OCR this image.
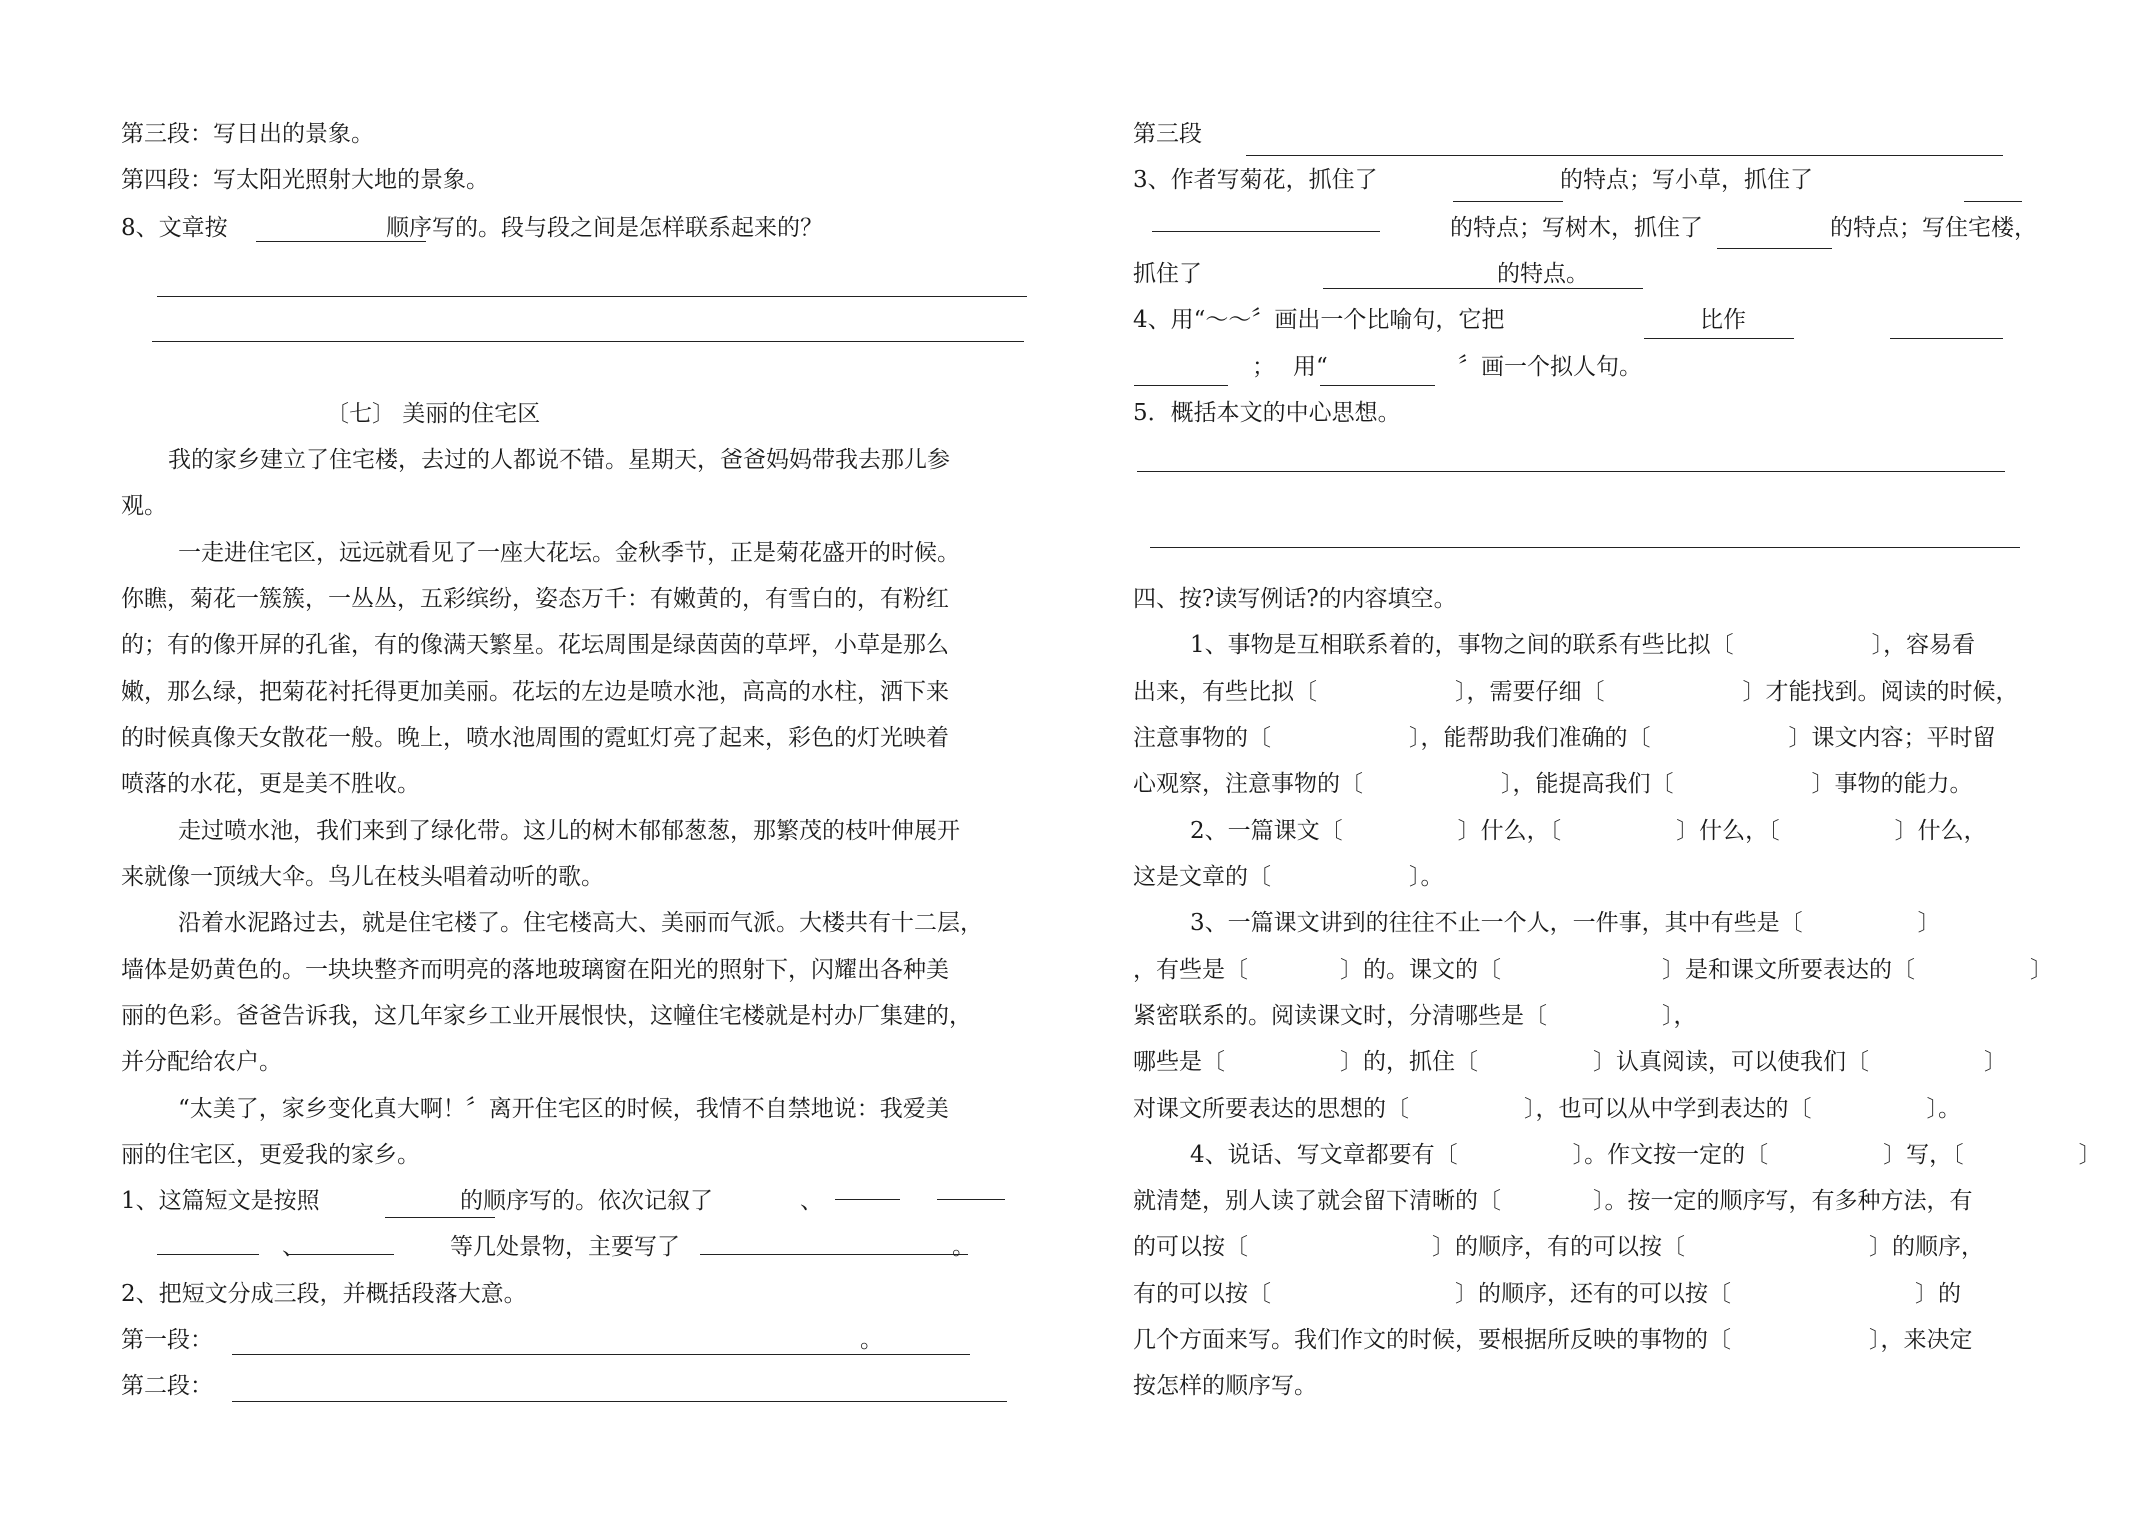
第三段：写日出的景象。
第四段：写太阳光照射大地的景象。
8、文章按	顺序写的。段与段之间是怎样联系起来的？
〔七〕 美丽的住宅区
我的家乡建立了住宅楼，去过的人都说不错。星期天，爸爸妈妈带我去那儿参
观。
一走进住宅区，远远就看见了一座大花坛。金秋季节，正是菊花盛开的时候。
你瞧，菊花一簇簇，一丛丛，五彩缤纷，姿态万千：有嫩黄的，有雪白的，有粉红
的；有的像开屏的孔雀，有的像满天繁星。花坛周围是绿茵茵的草坪，小草是那么
嫩，那么绿，把菊花衬托得更加美丽。花坛的左边是喷水池，高高的水柱，洒下来
的时候真像天女散花一般。晚上，喷水池周围的霓虹灯亮了起来，彩色的灯光映着
喷落的水花，更是美不胜收。
走过喷水池，我们来到了绿化带。这儿的树木郁郁葱葱，那繁茂的枝叶伸展开
来就像一顶绒大伞。鸟儿在枝头唱着动听的歌。
沿着水泥路过去，就是住宅楼了。住宅楼高大、美丽而气派。大楼共有十二层，
墙体是奶黄色的。一块块整齐而明亮的落地玻璃窗在阳光的照射下，闪耀出各种美
丽的色彩。爸爸告诉我，这几年家乡工业开展恨快，这幢住宅楼就是村办厂集建的，
并分配给农户。
“太美了，家乡变化真大啊！〞离开住宅区的时候，我情不自禁地说：我爱美
丽的住宅区，更爱我的家乡。
1、这篇短文是按照	的顺序写的。依次记叙了	、
、	等几处景物，主要写了	。
2、把短文分成三段，并概括段落大意。
第一段：	。
第二段：
第三段
3、作者写菊花，抓住了	的特点；写小草，抓住了
的特点；写树木，抓住了	的特点；写住宅楼，
抓住了	的特点。
4、用“～～〞画出一个比喻句，它把	比作
； 用“	〞画一个拟人句。
5．概括本文的中心思想。
四、按?读写例话?的内容填空。
1、事物是互相联系着的，事物之间的联系有些比拟〔　　　　　　〕，容易看
出来，有些比拟〔　　　　　　〕，需要仔细〔　　　　　　〕才能找到。阅读的时候，
注意事物的〔　　　　　　〕，能帮助我们准确的〔　　　　　　〕课文内容；平时留
心观察，注意事物的〔　　　　　　〕，能提高我们〔　　　　　　〕事物的能力。
2、一篇课文〔　　　　　〕什么，〔　　　　　〕什么，〔　　　　　〕什么，
这是文章的〔　　　　　　〕。
3、一篇课文讲到的往往不止一个人，一件事，其中有些是〔　　　　　〕
，有些是〔　　　　〕的。课文的〔　　　　　　　〕是和课文所要表达的〔　　　　　〕
紧密联系的。阅读课文时，分清哪些是〔　　　　　〕，
哪些是〔　　　　　〕的，抓住〔　　　　　〕认真阅读，可以使我们〔　　　　　〕
对课文所要表达的思想的〔　　　　　〕，也可以从中学到表达的〔　　　　　〕。
4、说话、写文章都要有〔　　　　　〕。作文按一定的〔　　　　　〕写，〔　　　　　〕
就清楚，别人读了就会留下清晰的〔　　　　〕。按一定的顺序写，有多种方法，有
的可以按〔　　　　　　　　〕的顺序，有的可以按〔　　　　　　　　〕的顺序，
有的可以按〔　　　　　　　　〕的顺序，还有的可以按〔　　　　　　　　〕的
几个方面来写。我们作文的时候，要根据所反映的事物的〔　　　　　　〕，来决定
按怎样的顺序写。
